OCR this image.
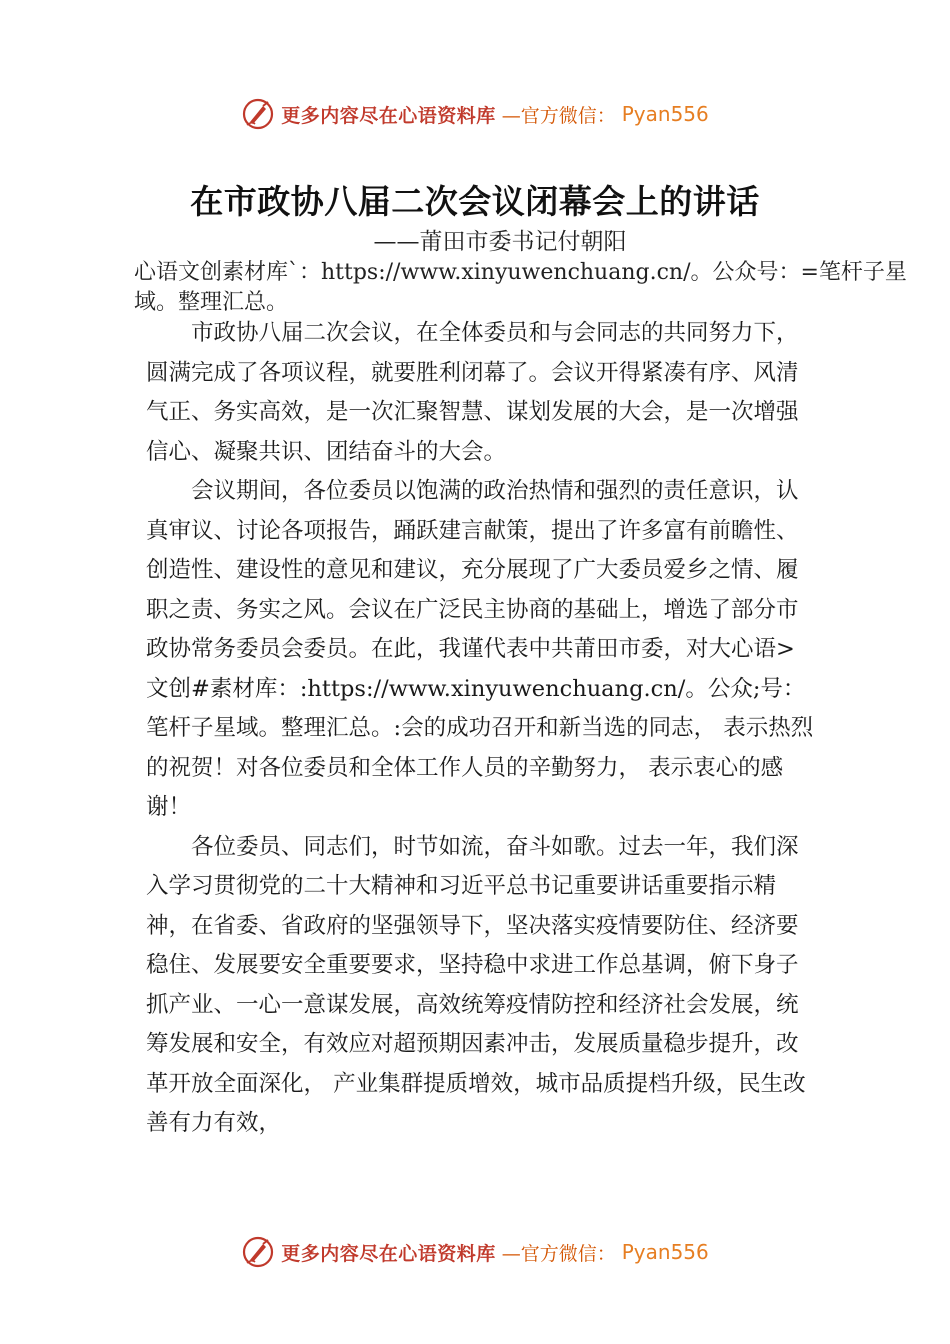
更多内容尽在心语资料库 —官方微信： Pyan556
在市政协八届二次会议闭幕会上的讲话
——莆田市委书记付朝阳
心语文创素材库`：https://www.xinyuwenchuang.cn/。公众号：=笔杆子星域。整理汇总。

市政协八届二次会议，在全体委员和与会同志的共同努力下，圆满完成了各项议程，就要胜利闭幕了。会议开得紧凑有序、风清气正、务实高效，是一次汇聚智慧、谋划发展的大会，是一次增强信心、凝聚共识、团结奋斗的大会。

会议期间，各位委员以饱满的政治热情和强烈的责任意识，认真审议、讨论各项报告，踊跃建言献策，提出了许多富有前瞻性、创造性、建设性的意见和建议，充分展现了广大委员爱乡之情、履职之责、务实之风。会议在广泛民主协商的基础上，增选了部分市政协常务委员会委员。在此，我谨代表中共莆田市委，对大心语>文创#素材库：:https://www.xinyuwenchuang.cn/。公众;号：笔杆子星域。整理汇总。:会的成功召开和新当选的同志， 表示热烈的祝贺！对各位委员和全体工作人员的辛勤努力， 表示衷心的感谢！

各位委员、同志们，时节如流，奋斗如歌。过去一年，我们深入学习贯彻党的二十大精神和习近平总书记重要讲话重要指示精神，在省委、省政府的坚强领导下，坚决落实疫情要防住、经济要稳住、发展要安全重要要求，坚持稳中求进工作总基调，俯下身子抓产业、一心一意谋发展，高效统筹疫情防控和经济社会发展，统筹发展和安全，有效应对超预期因素冲击，发展质量稳步提升，改革开放全面深化， 产业集群提质增效，城市品质提档升级，民生改善有力有效，

更多内容尽在心语资料库 —官方微信： Pyan556
